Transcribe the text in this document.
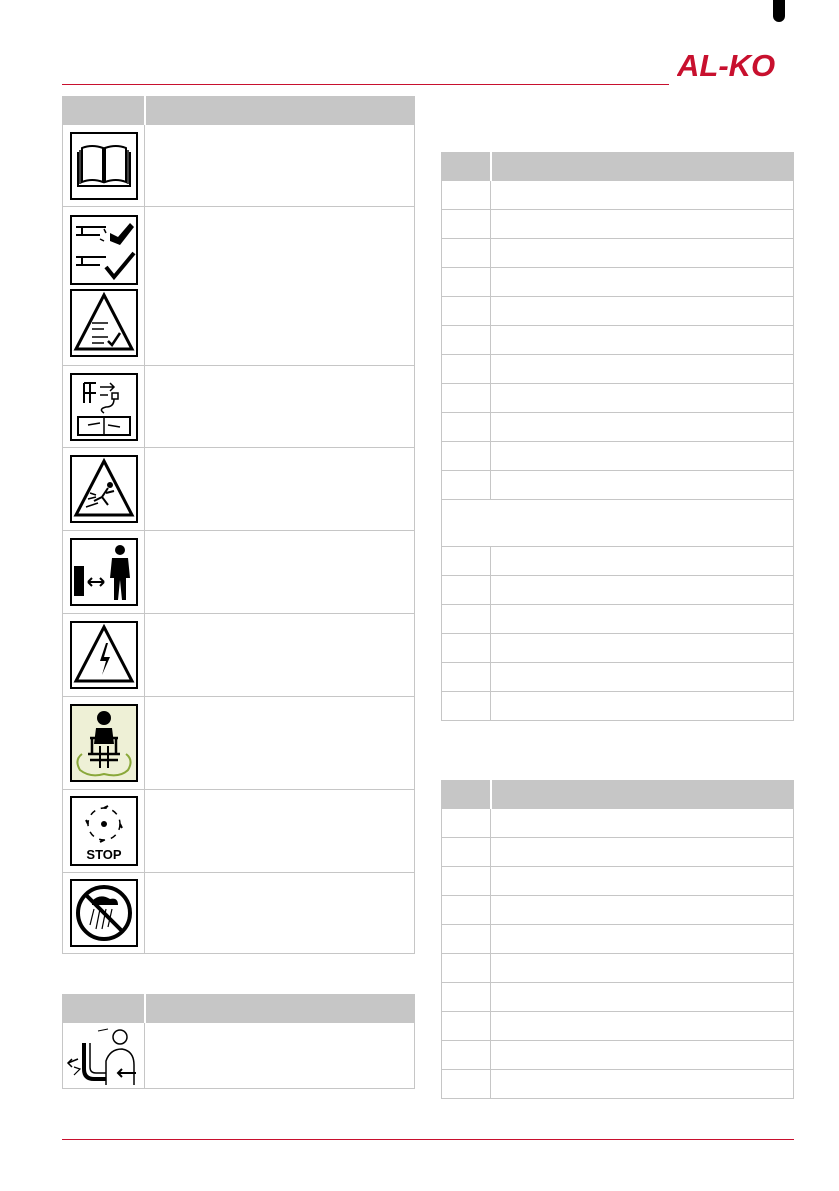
AL-KO

STOP	
